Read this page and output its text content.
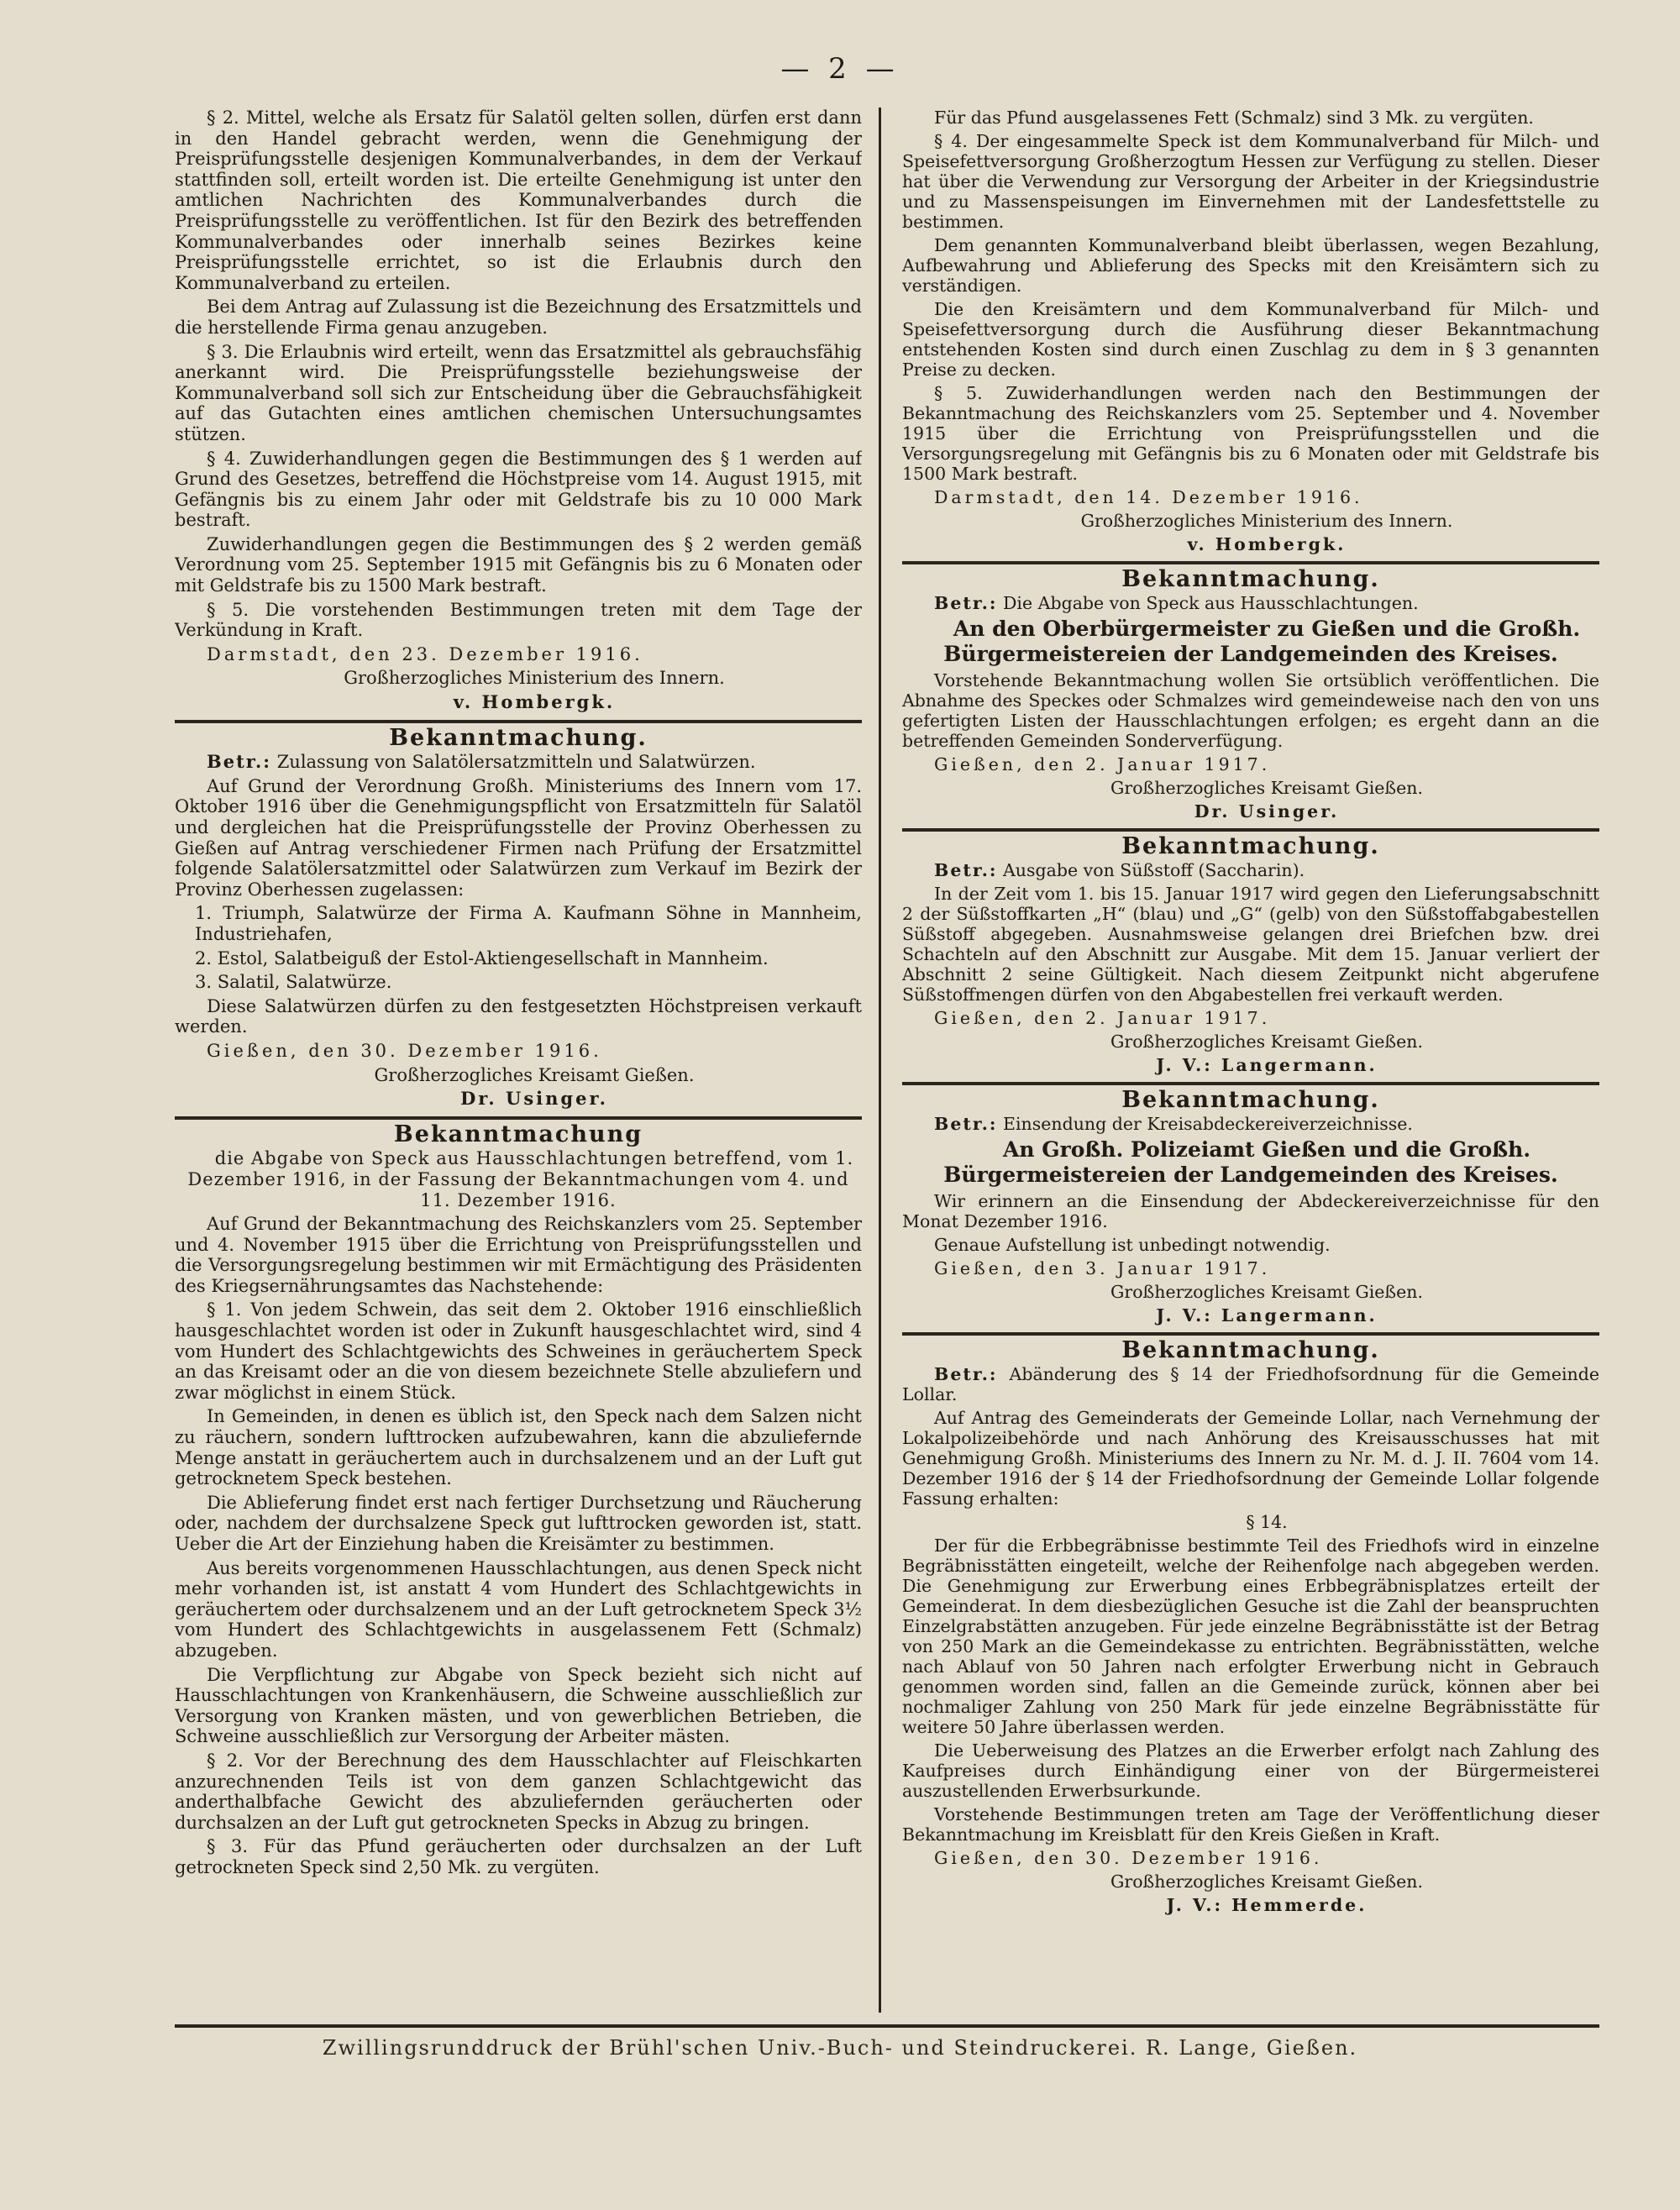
— 2 —

§ 2. Mittel, welche als Ersatz für Salatöl gelten sollen, dürfen erst dann in den Handel gebracht werden, wenn die Genehmigung der Preisprüfungsstelle desjenigen Kommunalverbandes, in dem der Verkauf stattfinden soll, erteilt worden ist. Die erteilte Genehmigung ist unter den amtlichen Nachrichten des Kommunalverbandes durch die Preisprüfungsstelle zu veröffentlichen. Ist für den Bezirk des betreffenden Kommunalverbandes oder innerhalb seines Bezirkes keine Preisprüfungsstelle errichtet, so ist die Erlaubnis durch den Kommunalverband zu erteilen.

Bei dem Antrag auf Zulassung ist die Bezeichnung des Ersatzmittels und die herstellende Firma genau anzugeben.

§ 3. Die Erlaubnis wird erteilt, wenn das Ersatzmittel als gebrauchsfähig anerkannt wird. Die Preisprüfungsstelle beziehungsweise der Kommunalverband soll sich zur Entscheidung über die Gebrauchsfähigkeit auf das Gutachten eines amtlichen chemischen Untersuchungsamtes stützen.

§ 4. Zuwiderhandlungen gegen die Bestimmungen des § 1 werden auf Grund des Gesetzes, betreffend die Höchstpreise vom 14. August 1915, mit Gefängnis bis zu einem Jahr oder mit Geldstrafe bis zu 10 000 Mark bestraft.

Zuwiderhandlungen gegen die Bestimmungen des § 2 werden gemäß Verordnung vom 25. September 1915 mit Gefängnis bis zu 6 Monaten oder mit Geldstrafe bis zu 1500 Mark bestraft.

§ 5. Die vorstehenden Bestimmungen treten mit dem Tage der Verkündung in Kraft.

Darmstadt, den 23. Dezember 1916.

Großherzogliches Ministerium des Innern.

v. Hombergk.

Bekanntmachung.

Betr.: Zulassung von Salatölersatzmitteln und Salatwürzen.

Auf Grund der Verordnung Großh. Ministeriums des Innern vom 17. Oktober 1916 über die Genehmigungspflicht von Ersatzmitteln für Salatöl und dergleichen hat die Preisprüfungsstelle der Provinz Oberhessen zu Gießen auf Antrag verschiedener Firmen nach Prüfung der Ersatzmittel folgende Salatölersatzmittel oder Salatwürzen zum Verkauf im Bezirk der Provinz Oberhessen zugelassen:

1. Triumph, Salatwürze der Firma A. Kaufmann Söhne in Mannheim, Industriehafen,

2. Estol, Salatbeiguß der Estol-Aktiengesellschaft in Mannheim.

3. Salatil, Salatwürze.

Diese Salatwürzen dürfen zu den festgesetzten Höchstpreisen verkauft werden.

Gießen, den 30. Dezember 1916.

Großherzogliches Kreisamt Gießen.

Dr. Usinger.

Bekanntmachung

die Abgabe von Speck aus Hausschlachtungen betreffend, vom 1. Dezember 1916, in der Fassung der Bekanntmachungen vom 4. und 11. Dezember 1916.

Auf Grund der Bekanntmachung des Reichskanzlers vom 25. September und 4. November 1915 über die Errichtung von Preisprüfungsstellen und die Versorgungsregelung bestimmen wir mit Ermächtigung des Präsidenten des Kriegsernährungsamtes das Nachstehende:

§ 1. Von jedem Schwein, das seit dem 2. Oktober 1916 einschließlich hausgeschlachtet worden ist oder in Zukunft hausgeschlachtet wird, sind 4 vom Hundert des Schlachtgewichts des Schweines in geräuchertem Speck an das Kreisamt oder an die von diesem bezeichnete Stelle abzuliefern und zwar möglichst in einem Stück.

In Gemeinden, in denen es üblich ist, den Speck nach dem Salzen nicht zu räuchern, sondern lufttrocken aufzubewahren, kann die abzuliefernde Menge anstatt in geräuchertem auch in durchsalzenem und an der Luft gut getrocknetem Speck bestehen.

Die Ablieferung findet erst nach fertiger Durchsetzung und Räucherung oder, nachdem der durchsalzene Speck gut lufttrocken geworden ist, statt. Ueber die Art der Einziehung haben die Kreisämter zu bestimmen.

Aus bereits vorgenommenen Hausschlachtungen, aus denen Speck nicht mehr vorhanden ist, ist anstatt 4 vom Hundert des Schlachtgewichts in geräuchertem oder durchsalzenem und an der Luft getrocknetem Speck 3½ vom Hundert des Schlachtgewichts in ausgelassenem Fett (Schmalz) abzugeben.

Die Verpflichtung zur Abgabe von Speck bezieht sich nicht auf Hausschlachtungen von Krankenhäusern, die Schweine ausschließlich zur Versorgung von Kranken mästen, und von gewerblichen Betrieben, die Schweine ausschließlich zur Versorgung der Arbeiter mästen.

§ 2. Vor der Berechnung des dem Hausschlachter auf Fleischkarten anzurechnenden Teils ist von dem ganzen Schlachtgewicht das anderthalbfache Gewicht des abzuliefernden geräucherten oder durchsalzen an der Luft gut getrockneten Specks in Abzug zu bringen.

§ 3. Für das Pfund geräucherten oder durchsalzen an der Luft getrockneten Speck sind 2,50 Mk. zu vergüten.

Für das Pfund ausgelassenes Fett (Schmalz) sind 3 Mk. zu vergüten.

§ 4. Der eingesammelte Speck ist dem Kommunalverband für Milch- und Speisefettversorgung Großherzogtum Hessen zur Verfügung zu stellen. Dieser hat über die Verwendung zur Versorgung der Arbeiter in der Kriegsindustrie und zu Massenspeisungen im Einvernehmen mit der Landesfettstelle zu bestimmen.

Dem genannten Kommunalverband bleibt überlassen, wegen Bezahlung, Aufbewahrung und Ablieferung des Specks mit den Kreisämtern sich zu verständigen.

Die den Kreisämtern und dem Kommunalverband für Milch- und Speisefettversorgung durch die Ausführung dieser Bekanntmachung entstehenden Kosten sind durch einen Zuschlag zu dem in § 3 genannten Preise zu decken.

§ 5. Zuwiderhandlungen werden nach den Bestimmungen der Bekanntmachung des Reichskanzlers vom 25. September und 4. November 1915 über die Errichtung von Preisprüfungsstellen und die Versorgungsregelung mit Gefängnis bis zu 6 Monaten oder mit Geldstrafe bis 1500 Mark bestraft.

Darmstadt, den 14. Dezember 1916.

Großherzogliches Ministerium des Innern.

v. Hombergk.

Bekanntmachung.

Betr.: Die Abgabe von Speck aus Hausschlachtungen.

An den Oberbürgermeister zu Gießen und die Großh. Bürgermeistereien der Landgemeinden des Kreises.

Vorstehende Bekanntmachung wollen Sie ortsüblich veröffentlichen. Die Abnahme des Speckes oder Schmalzes wird gemeindeweise nach den von uns gefertigten Listen der Hausschlachtungen erfolgen; es ergeht dann an die betreffenden Gemeinden Sonderverfügung.

Gießen, den 2. Januar 1917.

Großherzogliches Kreisamt Gießen.

Dr. Usinger.

Bekanntmachung.

Betr.: Ausgabe von Süßstoff (Saccharin).

In der Zeit vom 1. bis 15. Januar 1917 wird gegen den Lieferungsabschnitt 2 der Süßstoffkarten „H“ (blau) und „G“ (gelb) von den Süßstoffabgabestellen Süßstoff abgegeben. Ausnahmsweise gelangen drei Briefchen bzw. drei Schachteln auf den Abschnitt zur Ausgabe. Mit dem 15. Januar verliert der Abschnitt 2 seine Gültigkeit. Nach diesem Zeitpunkt nicht abgerufene Süßstoffmengen dürfen von den Abgabestellen frei verkauft werden.

Gießen, den 2. Januar 1917.

Großherzogliches Kreisamt Gießen.

J. V.: Langermann.

Bekanntmachung.

Betr.: Einsendung der Kreisabdeckereiverzeichnisse.

An Großh. Polizeiamt Gießen und die Großh. Bürgermeistereien der Landgemeinden des Kreises.

Wir erinnern an die Einsendung der Abdeckereiverzeichnisse für den Monat Dezember 1916.

Genaue Aufstellung ist unbedingt notwendig.

Gießen, den 3. Januar 1917.

Großherzogliches Kreisamt Gießen.

J. V.: Langermann.

Bekanntmachung.

Betr.: Abänderung des § 14 der Friedhofsordnung für die Gemeinde Lollar.

Auf Antrag des Gemeinderats der Gemeinde Lollar, nach Vernehmung der Lokalpolizeibehörde und nach Anhörung des Kreisausschusses hat mit Genehmigung Großh. Ministeriums des Innern zu Nr. M. d. J. II. 7604 vom 14. Dezember 1916 der § 14 der Friedhofsordnung der Gemeinde Lollar folgende Fassung erhalten:

§ 14.

Der für die Erbbegräbnisse bestimmte Teil des Friedhofs wird in einzelne Begräbnisstätten eingeteilt, welche der Reihenfolge nach abgegeben werden. Die Genehmigung zur Erwerbung eines Erbbegräbnisplatzes erteilt der Gemeinderat. In dem diesbezüglichen Gesuche ist die Zahl der beanspruchten Einzelgrabstätten anzugeben. Für jede einzelne Begräbnisstätte ist der Betrag von 250 Mark an die Gemeindekasse zu entrichten. Begräbnisstätten, welche nach Ablauf von 50 Jahren nach erfolgter Erwerbung nicht in Gebrauch genommen worden sind, fallen an die Gemeinde zurück, können aber bei nochmaliger Zahlung von 250 Mark für jede einzelne Begräbnisstätte für weitere 50 Jahre überlassen werden.

Die Ueberweisung des Platzes an die Erwerber erfolgt nach Zahlung des Kaufpreises durch Einhändigung einer von der Bürgermeisterei auszustellenden Erwerbsurkunde.

Vorstehende Bestimmungen treten am Tage der Veröffentlichung dieser Bekanntmachung im Kreisblatt für den Kreis Gießen in Kraft.

Gießen, den 30. Dezember 1916.

Großherzogliches Kreisamt Gießen.

J. V.: Hemmerde.

Zwillingsrunddruck der Brühl'schen Univ.-Buch- und Steindruckerei. R. Lange, Gießen.
